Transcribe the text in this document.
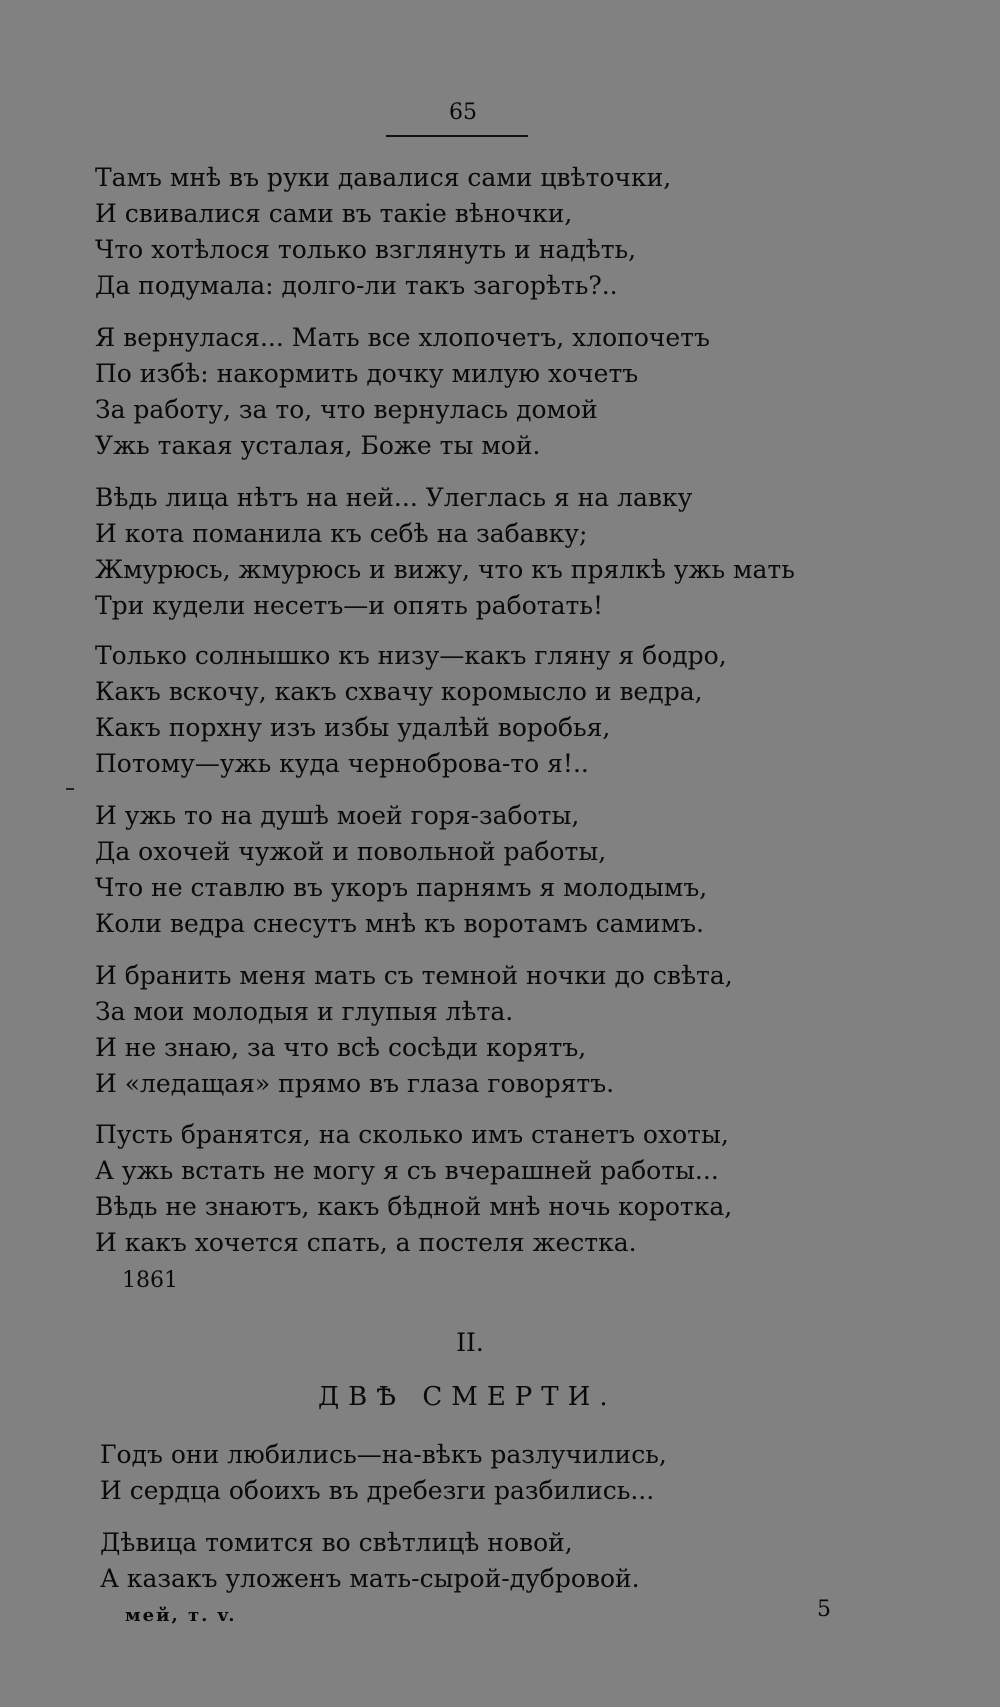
65
Тамъ мнѣ въ руки давалися сами цвѣточки,
И свивалися сами въ такіе вѣночки,
Что хотѣлося только взглянуть и надѣть,
Да подумала: долго-ли такъ загорѣть?..
Я вернулася... Мать все хлопочетъ, хлопочетъ
По избѣ: накормить дочку милую хочетъ
За работу, за то, что вернулась домой
Ужь такая усталая, Боже ты мой.
Вѣдь лица нѣтъ на ней... Улеглась я на лавку
И кота поманила къ себѣ на забавку;
Жмурюсь, жмурюсь и вижу, что къ прялкѣ ужь мать
Три кудели несетъ—и опять работать!
Только солнышко къ низу—какъ гляну я бодро,
Какъ вскочу, какъ схвачу коромысло и ведра,
Какъ порхну изъ избы удалѣй воробья,
Потому—ужь куда черноброва-то я!..
И ужь то на душѣ моей горя-заботы,
Да охочей чужой и повольной работы,
Что не ставлю въ укоръ парнямъ я молодымъ,
Коли ведра снесутъ мнѣ къ воротамъ самимъ.
И бранить меня мать съ темной ночки до свѣта,
За мои молодыя и глупыя лѣта.
И не знаю, за что всѣ сосѣди корятъ,
И «ледащая» прямо въ глаза говорятъ.
Пусть бранятся, на сколько имъ станетъ охоты,
А ужь встать не могу я съ вчерашней работы...
Вѣдь не знаютъ, какъ бѣдной мнѣ ночь коротка,
И какъ хочется спать, а постеля жестка.
1861
II.
ДВѢ СМЕРТИ.
Годъ они любились—на-вѣкъ разлучились,
И сердца обоихъ въ дребезги разбились...
Дѣвица томится во свѣтлицѣ новой,
А казакъ уложенъ мать-сырой-дубровой.
мей, т. v.	5
